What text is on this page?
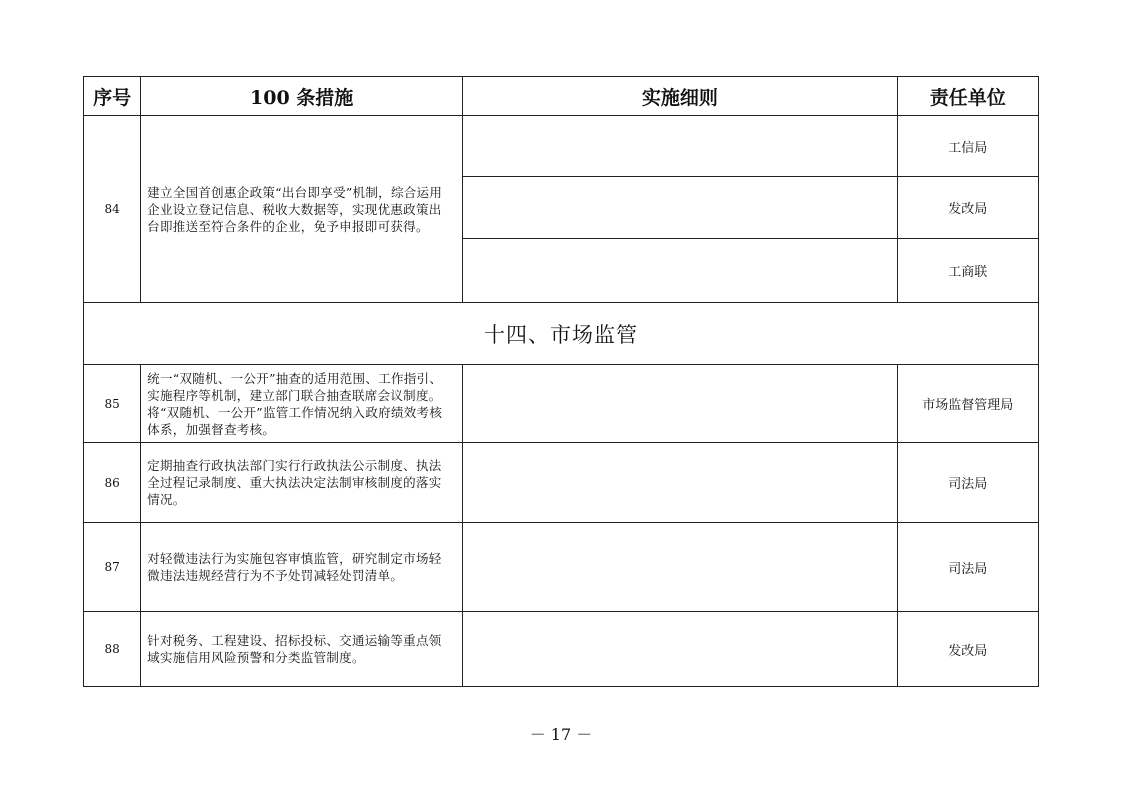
序号	100 条措施	实施细则	责任单位
84	建立全国首创惠企政策“出台即享受”机制，综合运用企业设立登记信息、税收大数据等，实现优惠政策出台即推送至符合条件的企业，免予申报即可获得。		工信局
			发改局
			工商联
十四、市场监管			
85	统一“双随机、一公开”抽查的适用范围、工作指引、实施程序等机制，建立部门联合抽查联席会议制度。将“双随机、一公开”监管工作情况纳入政府绩效考核体系，加强督查考核。		市场监督管理局
86	定期抽查行政执法部门实行行政执法公示制度、执法全过程记录制度、重大执法决定法制审核制度的落实情况。		司法局
87	对轻微违法行为实施包容审慎监管，研究制定市场轻微违法违规经营行为不予处罚减轻处罚清单。		司法局
88	针对税务、工程建设、招标投标、交通运输等重点领域实施信用风险预警和分类监管制度。		发改局
－ 17 －
